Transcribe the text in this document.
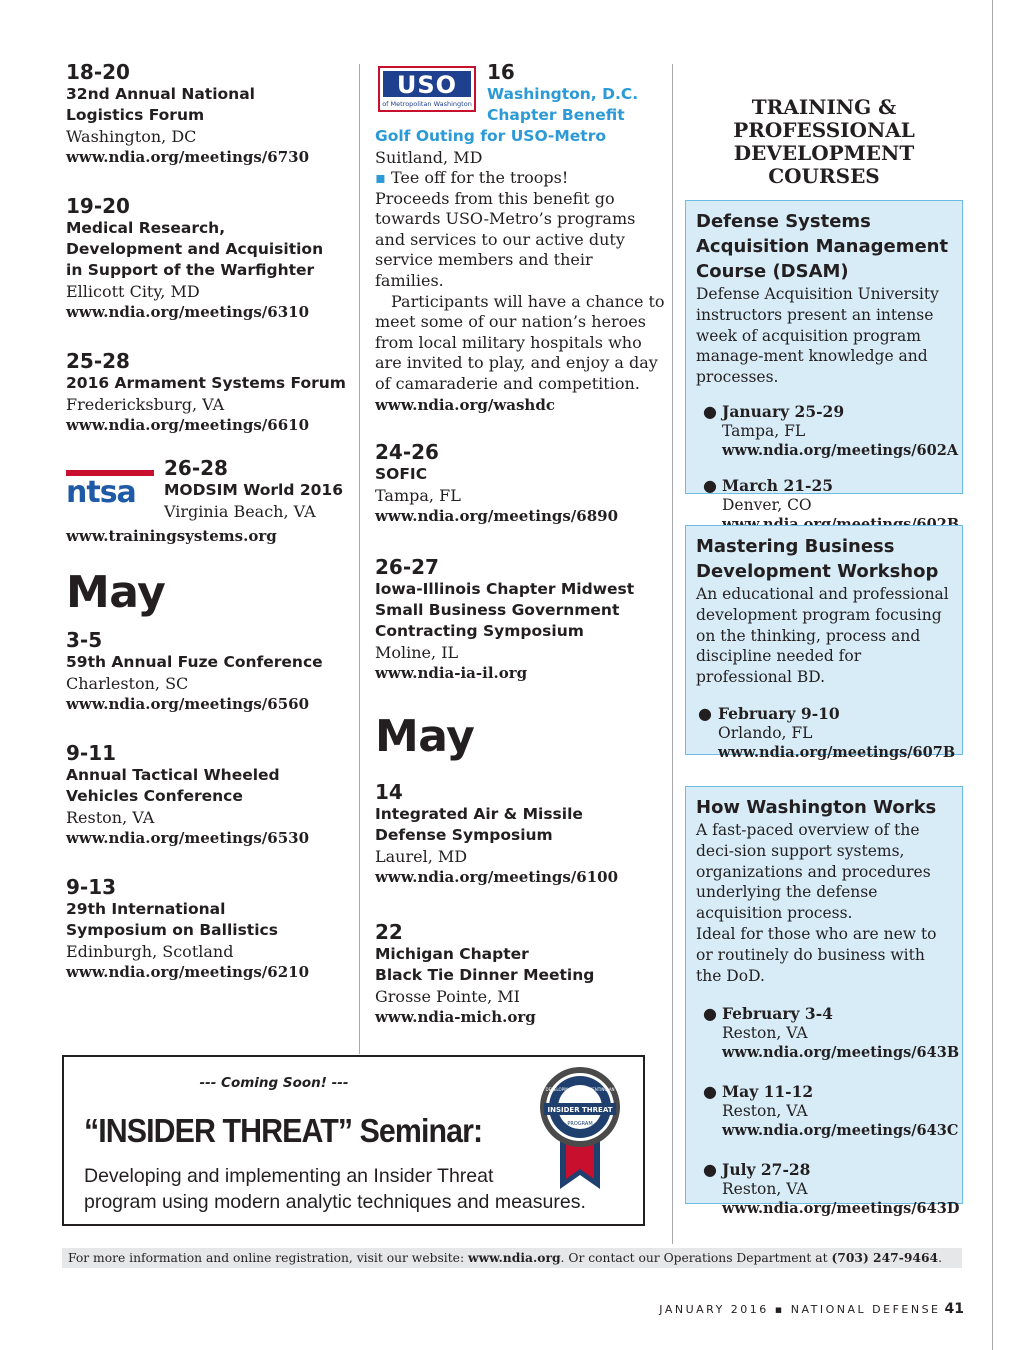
18-20
32nd Annual National
Logistics Forum
Washington, DC
www.ndia.org/meetings/6730
19-20
Medical Research,
Development and Acquisition
in Support of the Warfighter
Ellicott City, MD
www.ndia.org/meetings/6310
25-28
2016 Armament Systems Forum
Fredericksburg, VA
www.ndia.org/meetings/6610
ntsa
26-28
MODSIM World 2016
Virginia Beach, VA
www.trainingsystems.org
May
3-5
59th Annual Fuze Conference
Charleston, SC
www.ndia.org/meetings/6560
9-11
Annual Tactical Wheeled
Vehicles Conference
Reston, VA
www.ndia.org/meetings/6530
9-13
29th International
Symposium on Ballistics
Edinburgh, Scotland
www.ndia.org/meetings/6210
USO
of Metropolitan Washington
16
Washington, D.C.
Chapter Benefit
Golf Outing for USO-Metro
Suitland, MD
▪ Tee off for the troops!
Proceeds from this benefit go towards USO-Metro’s programs and services to our active duty service members and their families.
Participants will have a chance to meet some of our nation’s heroes from local military hospitals who are invited to play, and enjoy a day of camaraderie and competition.
www.ndia.org/washdc
24-26
SOFIC
Tampa, FL
www.ndia.org/meetings/6890
26-27
Iowa-Illinois Chapter Midwest
Small Business Government
Contracting Symposium
Moline, IL
www.ndia-ia-il.org
May
14
Integrated Air & Missile
Defense Symposium
Laurel, MD
www.ndia.org/meetings/6100
22
Michigan Chapter
Black Tie Dinner Meeting
Grosse Pointe, MI
www.ndia-mich.org
TRAINING &
PROFESSIONAL
DEVELOPMENT
COURSES
Defense Systems Acquisition Management Course (DSAM)
Defense Acquisition University instructors present an intense week of acquisition program manage-ment knowledge and processes.
● January 25-29
Tampa, FL
www.ndia.org/meetings/602A
● March 21-25
Denver, CO
Mastering Business Development Workshop
An educational and professional development program focusing on the thinking, process and discipline needed for professional BD.
● February 9-10
Orlando, FL
www.ndia.org/meetings/607B
How Washington Works
A fast-paced overview of the deci-sion support systems, organizations and procedures underlying the defense acquisition process.
Ideal for those who are new to or routinely do business with the DoD.
● February 3-4
Reston, VA
www.ndia.org/meetings/643B
● May 11-12
Reston, VA
www.ndia.org/meetings/643C
● July 27-28
Reston, VA
www.ndia.org/meetings/643D
--- Coming Soon! ---
“INSIDER THREAT” Seminar:
Developing and implementing an Insider Threat
program using modern analytic techniques and measures.
DEVELOPING & IMPLEMENTING AN
INSIDER THREAT
PROGRAM
For more information and online registration, visit our website: www.ndia.org. Or contact our Operations Department at (703) 247-9464.
JANUARY 2016 ▪ NATIONAL DEFENSE 41
